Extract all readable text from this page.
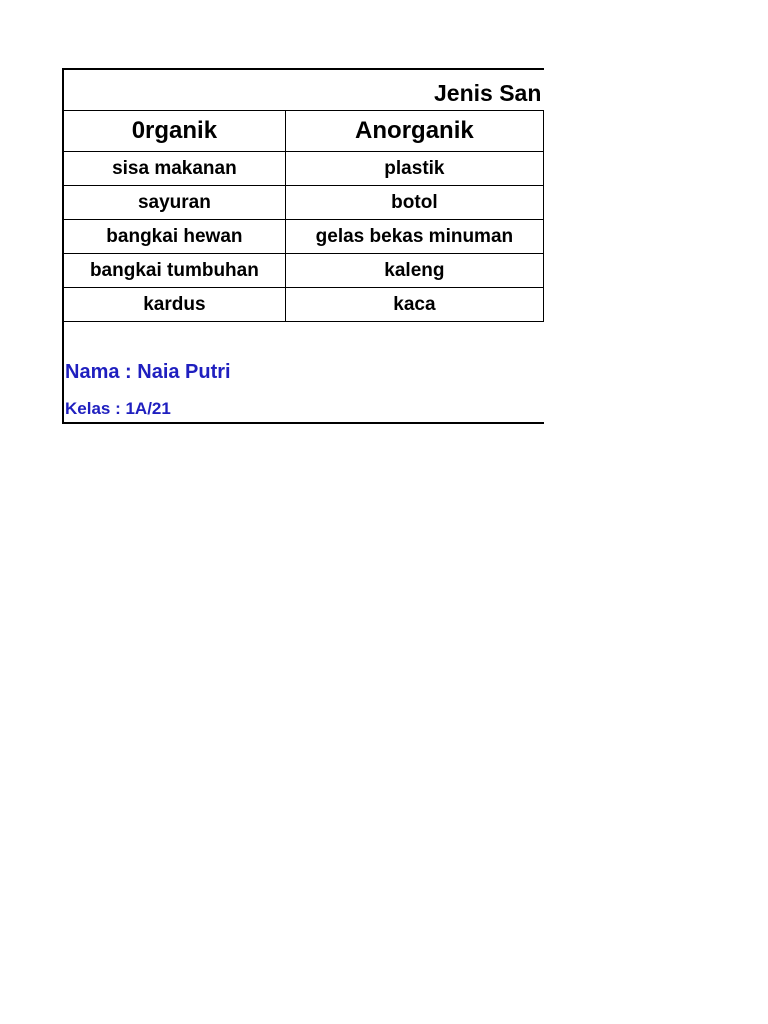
Jenis San
0rganik	Anorganik
sisa makanan	plastik
sayuran	botol
bangkai hewan	gelas bekas minuman
bangkai tumbuhan	kaleng
kardus	kaca
Nama : Naia Putri
Kelas : 1A/21
